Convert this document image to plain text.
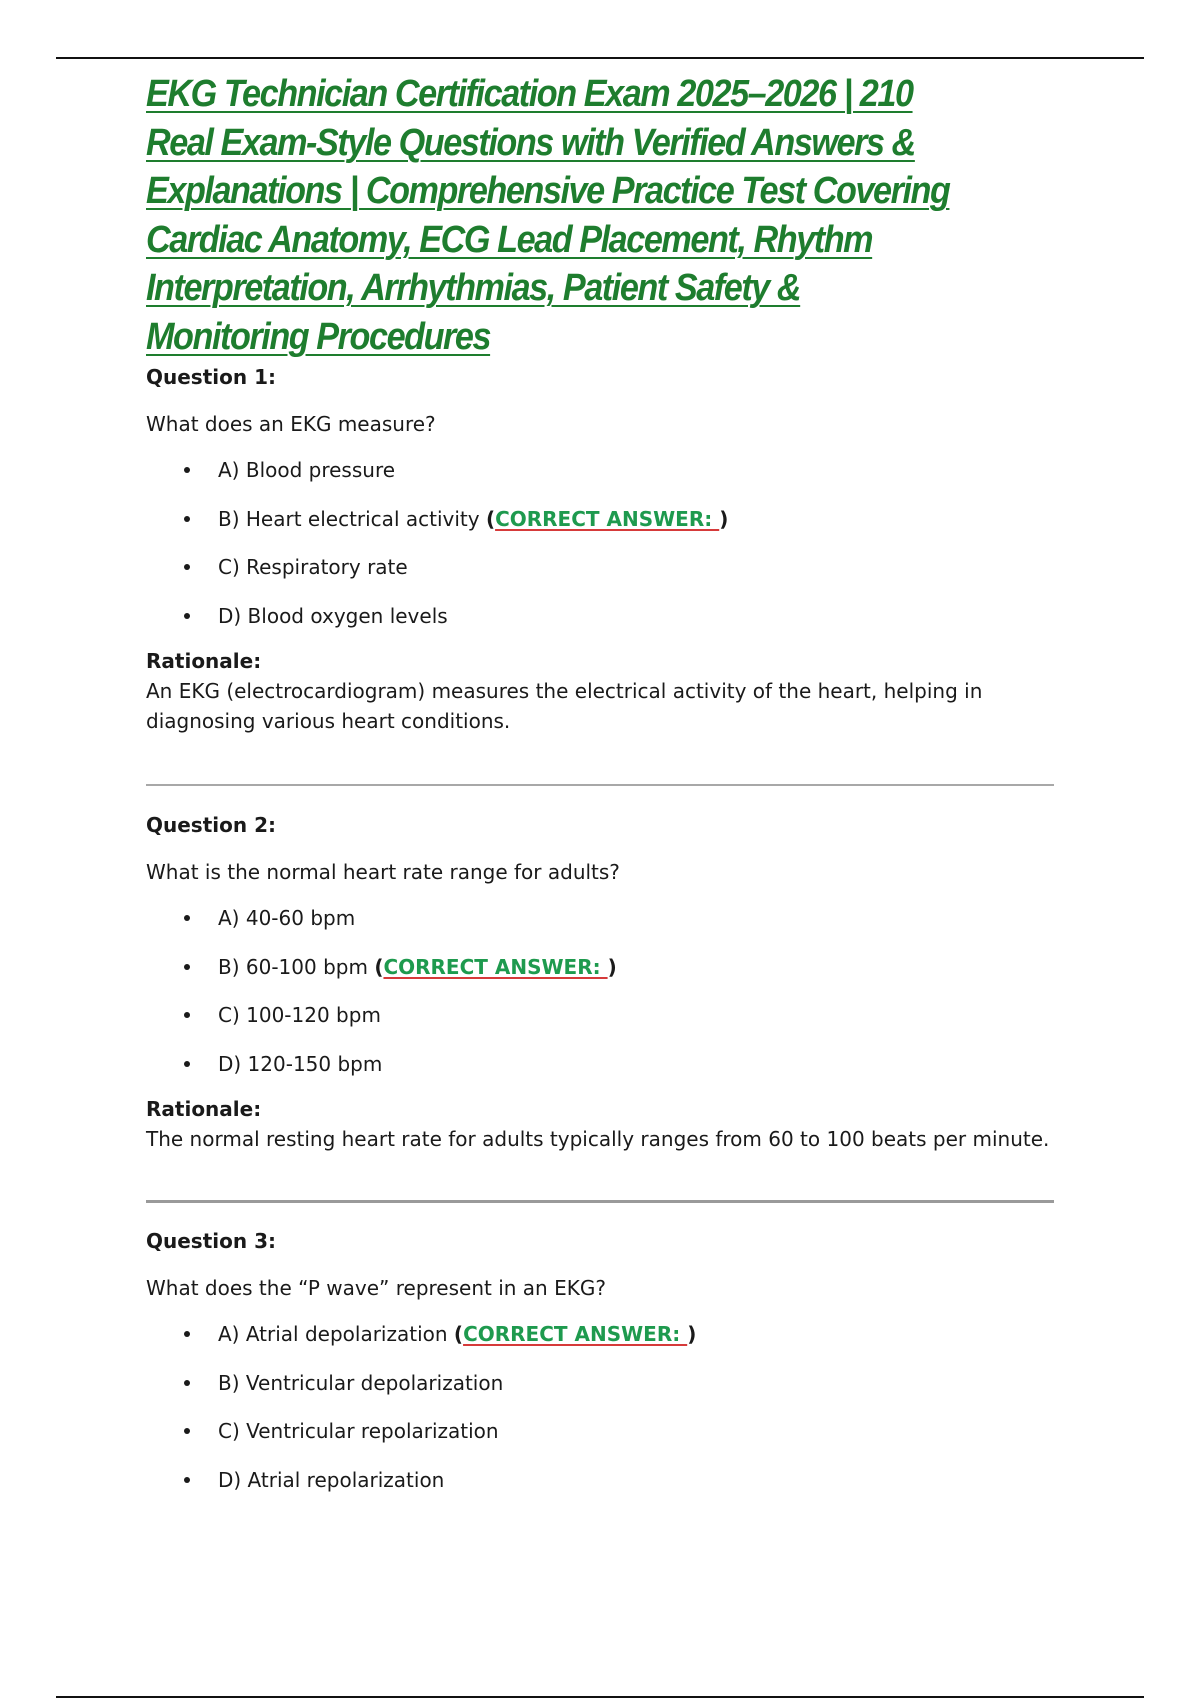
EKG Technician Certification Exam 2025–2026 | 210 Real Exam-Style Questions with Verified Answers & Explanations | Comprehensive Practice Test Covering Cardiac Anatomy, ECG Lead Placement, Rhythm Interpretation, Arrhythmias, Patient Safety & Monitoring Procedures
Question 1:
What does an EKG measure?
A) Blood pressure
B) Heart electrical activity (CORRECT ANSWER: )
C) Respiratory rate
D) Blood oxygen levels
Rationale:
An EKG (electrocardiogram) measures the electrical activity of the heart, helping in diagnosing various heart conditions.
Question 2:
What is the normal heart rate range for adults?
A) 40-60 bpm
B) 60-100 bpm (CORRECT ANSWER: )
C) 100-120 bpm
D) 120-150 bpm
Rationale:
The normal resting heart rate for adults typically ranges from 60 to 100 beats per minute.
Question 3:
What does the “P wave” represent in an EKG?
A) Atrial depolarization (CORRECT ANSWER: )
B) Ventricular depolarization
C) Ventricular repolarization
D) Atrial repolarization
